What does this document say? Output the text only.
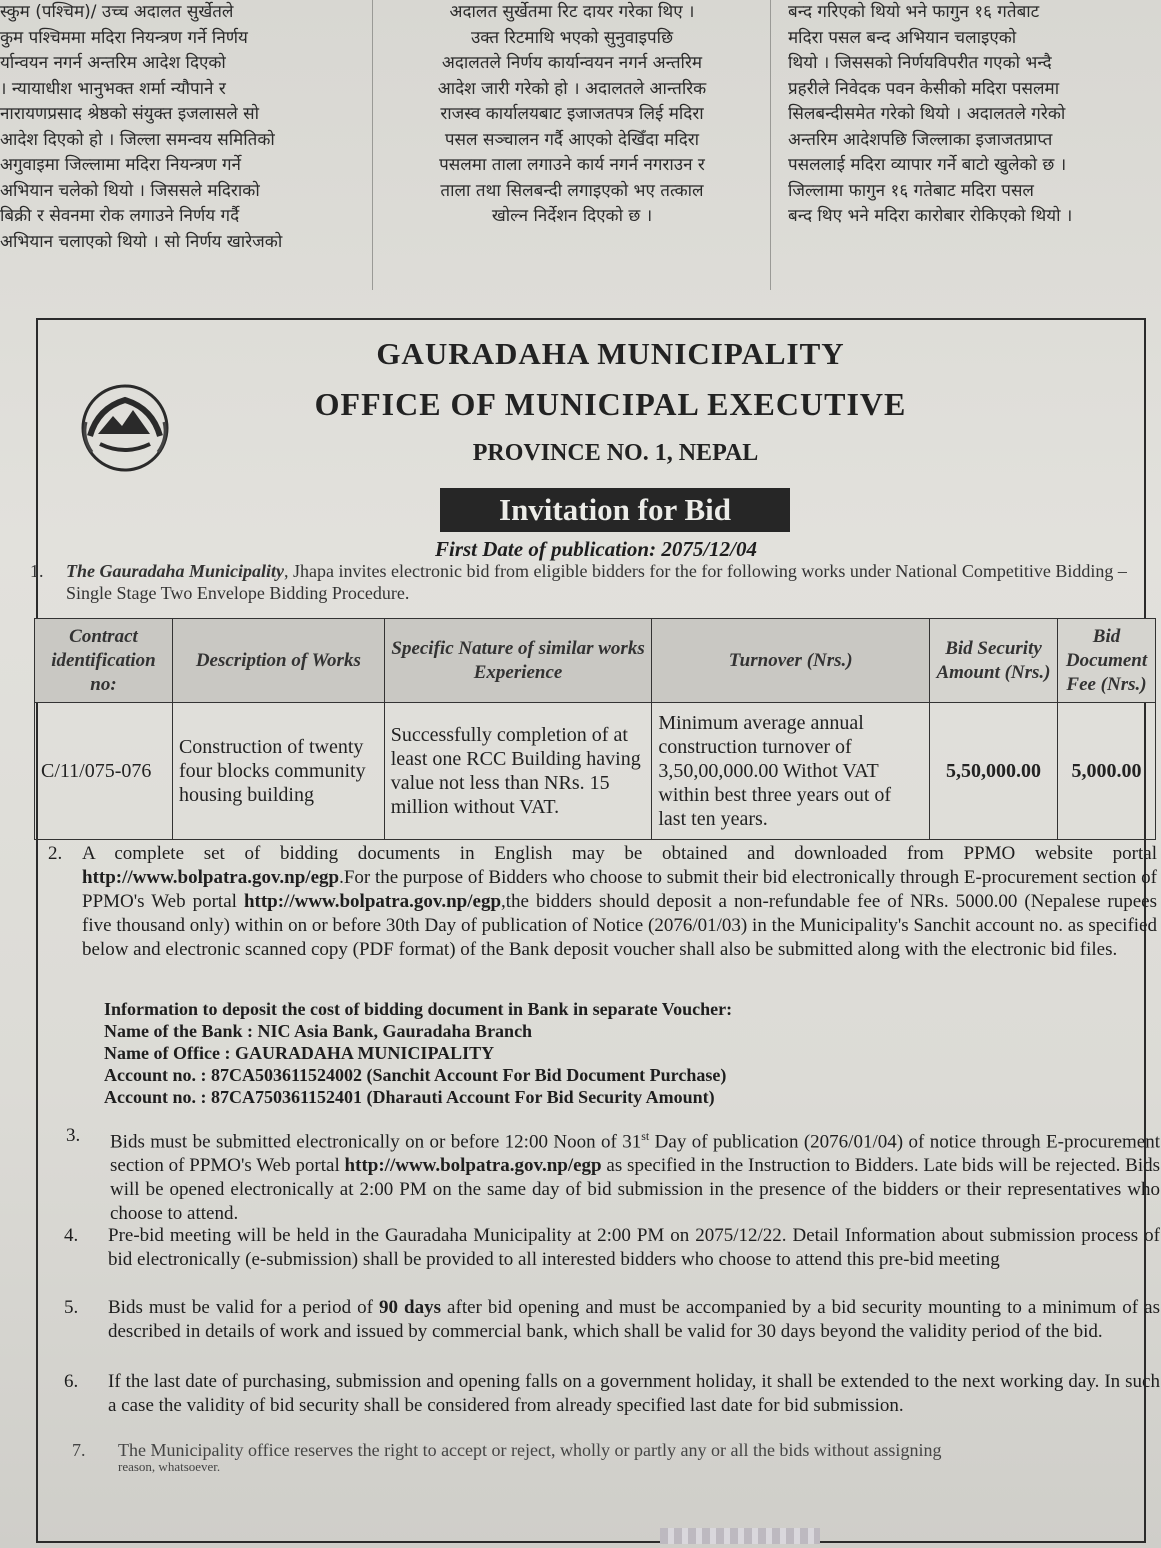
स्कुम (पश्चिम)/ उच्च अदालत सुर्खेतले

कुम पश्चिममा मदिरा नियन्त्रण गर्ने निर्णय

र्यान्वयन नगर्न अन्तरिम आदेश दिएको

। न्यायाधीश भानुभक्त शर्मा न्यौपाने र

नारायणप्रसाद श्रेष्ठको संयुक्त इजलासले सो

आदेश दिएको हो । जिल्ला समन्वय समितिको

अगुवाइमा जिल्लामा मदिरा नियन्त्रण गर्ने

अभियान चलेको थियो । जिससले मदिराको

बिक्री र सेवनमा रोक लगाउने निर्णय गर्दै

अभियान चलाएको थियो । सो निर्णय खारेजको

अदालत सुर्खेतमा रिट दायर गरेका थिए ।

उक्त रिटमाथि भएको सुनुवाइपछि

अदालतले निर्णय कार्यान्वयन नगर्न अन्तरिम

आदेश जारी गरेको हो । अदालतले आन्तरिक

राजस्व कार्यालयबाट इजाजतपत्र लिई मदिरा

पसल सञ्चालन गर्दै आएको देखिँदा मदिरा

पसलमा ताला लगाउने कार्य नगर्न नगराउन र

ताला तथा सिलबन्दी लगाइएको भए तत्काल

खोल्न निर्देशन दिएको छ ।

बन्द गरिएको थियो भने फागुन १६ गतेबाट

मदिरा पसल बन्द अभियान चलाइएको

थियो । जिससको निर्णयविपरीत गएको भन्दै

प्रहरीले निवेदक पवन केसीको मदिरा पसलमा

सिलबन्दीसमेत गरेको थियो । अदालतले गरेको

अन्तरिम आदेशपछि जिल्लाका इजाजतप्राप्त

पसललाई मदिरा व्यापार गर्ने बाटो खुलेको छ ।

जिल्लामा फागुन १६ गतेबाट मदिरा पसल

बन्द थिए भने मदिरा कारोबार रोकिएको थियो ।

GAURADAHA MUNICIPALITY
OFFICE OF MUNICIPAL EXECUTIVE
PROVINCE NO. 1, NEPAL
Invitation for Bid
First Date of publication: 2075/12/04
1. The Gauradaha Municipality, Jhapa invites electronic bid from eligible bidders for the for following works under National Competitive Bidding –Single Stage Two Envelope Bidding Procedure.
Contract identification no:	Description of Works	Specific Nature of similar works Experience	Turnover (Nrs.)	Bid Security Amount (Nrs.)	Bid Document Fee (Nrs.)
C/11/075-076	Construction of twenty four blocks community housing building	Successfully completion of at least one RCC Building having value not less than NRs. 15 million without VAT.	Minimum average annual construction turnover of 3,50,00,000.00 Withot VAT within best three years out of last ten years.	5,50,000.00	5,000.00
2. A complete set of bidding documents in English may be obtained and downloaded from PPMO website portal http://www.bolpatra.gov.np/egp.For the purpose of Bidders who choose to submit their bid electronically through E-procurement section of PPMO's Web portal http://www.bolpatra.gov.np/egp,the bidders should deposit a non-refundable fee of NRs. 5000.00 (Nepalese rupees five thousand only) within on or before 30th Day of publication of Notice (2076/01/03) in the Municipality's Sanchit account no. as specified below and electronic scanned copy (PDF format) of the Bank deposit voucher shall also be submitted along with the electronic bid files.
Information to deposit the cost of bidding document in Bank in separate Voucher:
Name of the Bank : NIC Asia Bank, Gauradaha Branch
Name of Office : GAURADAHA MUNICIPALITY
Account no. : 87CA503611524002 (Sanchit Account For Bid Document Purchase)
Account no. : 87CA750361152401 (Dharauti Account For Bid Security Amount)
3. Bids must be submitted electronically on or before 12:00 Noon of 31st Day of publication (2076/01/04) of notice through E-procurement section of PPMO's Web portal http://www.bolpatra.gov.np/egp as specified in the Instruction to Bidders. Late bids will be rejected. Bids will be opened electronically at 2:00 PM on the same day of bid submission in the presence of the bidders or their representatives who choose to attend.
4. Pre-bid meeting will be held in the Gauradaha Municipality at 2:00 PM on 2075/12/22. Detail Information about submission process of bid electronically (e-submission) shall be provided to all interested bidders who choose to attend this pre-bid meeting
5. Bids must be valid for a period of 90 days after bid opening and must be accompanied by a bid security mounting to a minimum of as described in details of work and issued by commercial bank, which shall be valid for 30 days beyond the validity period of the bid.
6. If the last date of purchasing, submission and opening falls on a government holiday, it shall be extended to the next working day. In such a case the validity of bid security shall be considered from already specified last date for bid submission.
7. The Municipality office reserves the right to accept or reject, wholly or partly any or all the bids without assigning
reason, whatsoever.
